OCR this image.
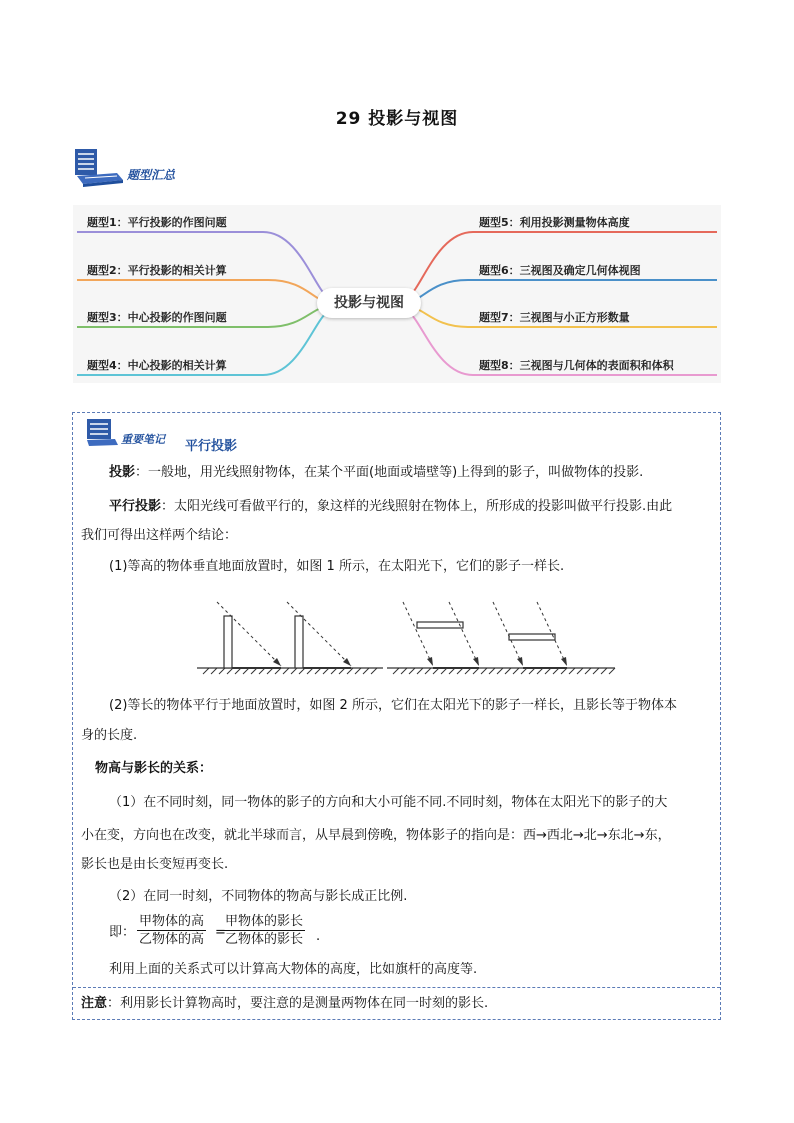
29 投影与视图
题型汇总
题型1：平行投影的作图问题
题型2：平行投影的相关计算
题型3：中心投影的作图问题
题型4：中心投影的相关计算
题型5：利用投影测量物体高度
题型6：三视图及确定几何体视图
题型7：三视图与小正方形数量
题型8：三视图与几何体的表面积和体积
投影与视图
重要笔记 平行投影
投影：一般地，用光线照射物体，在某个平面(地面或墙壁等)上得到的影子，叫做物体的投影.
平行投影：太阳光线可看做平行的，象这样的光线照射在物体上，所形成的投影叫做平行投影.由此
我们可得出这样两个结论：
(1)等高的物体垂直地面放置时，如图 1 所示，在太阳光下，它们的影子一样长.
(2)等长的物体平行于地面放置时，如图 2 所示，它们在太阳光下的影子一样长，且影长等于物体本
身的长度.
物高与影长的关系：
（1）在不同时刻，同一物体的影子的方向和大小可能不同.不同时刻，物体在太阳光下的影子的大
小在变，方向也在改变，就北半球而言，从早晨到傍晚，物体影子的指向是：西→西北→北→东北→东，
影长也是由长变短再变长.
（2）在同一时刻，不同物体的物高与影长成正比例.
即：
甲物体的高
乙物体的高 =
甲物体的影长
乙物体的影长 .
利用上面的关系式可以计算高大物体的高度，比如旗杆的高度等.
注意：利用影长计算物高时，要注意的是测量两物体在同一时刻的影长.
